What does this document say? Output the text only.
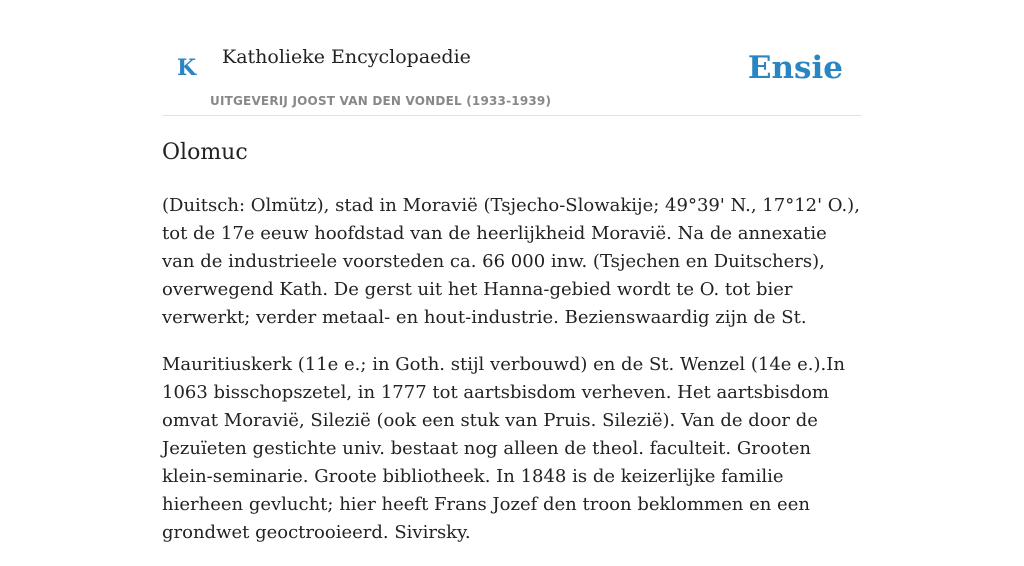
K Katholieke Encyclopaedie
UITGEVERIJ JOOST VAN DEN VONDEL (1933-1939)
Ensie
Olomuc

(Duitsch: Olmütz), stad in Moravië (Tsjecho-Slowakije; 49°39' N., 17°12' O.), tot de 17e eeuw hoofdstad van de heerlijkheid Moravië. Na de annexatie van de industrieele voorsteden ca. 66 000 inw. (Tsjechen en Duitschers), overwegend Kath. De gerst uit het Hanna-gebied wordt te O. tot bier verwerkt; verder metaal- en hout-industrie. Bezienswaardig zijn de St.

Mauritiuskerk (11e e.; in Goth. stijl verbouwd) en de St. Wenzel (14e e.).In 1063 bisschopszetel, in 1777 tot aartsbisdom verheven. Het aartsbisdom omvat Moravië, Silezië (ook een stuk van Pruis. Silezië). Van de door de Jezuïeten gestichte univ. bestaat nog alleen de theol. faculteit. Grooten klein-seminarie. Groote bibliotheek. In 1848 is de keizerlijke familie hierheen gevlucht; hier heeft Frans Jozef den troon beklommen en een grondwet geoctrooieerd. Sivirsky.
